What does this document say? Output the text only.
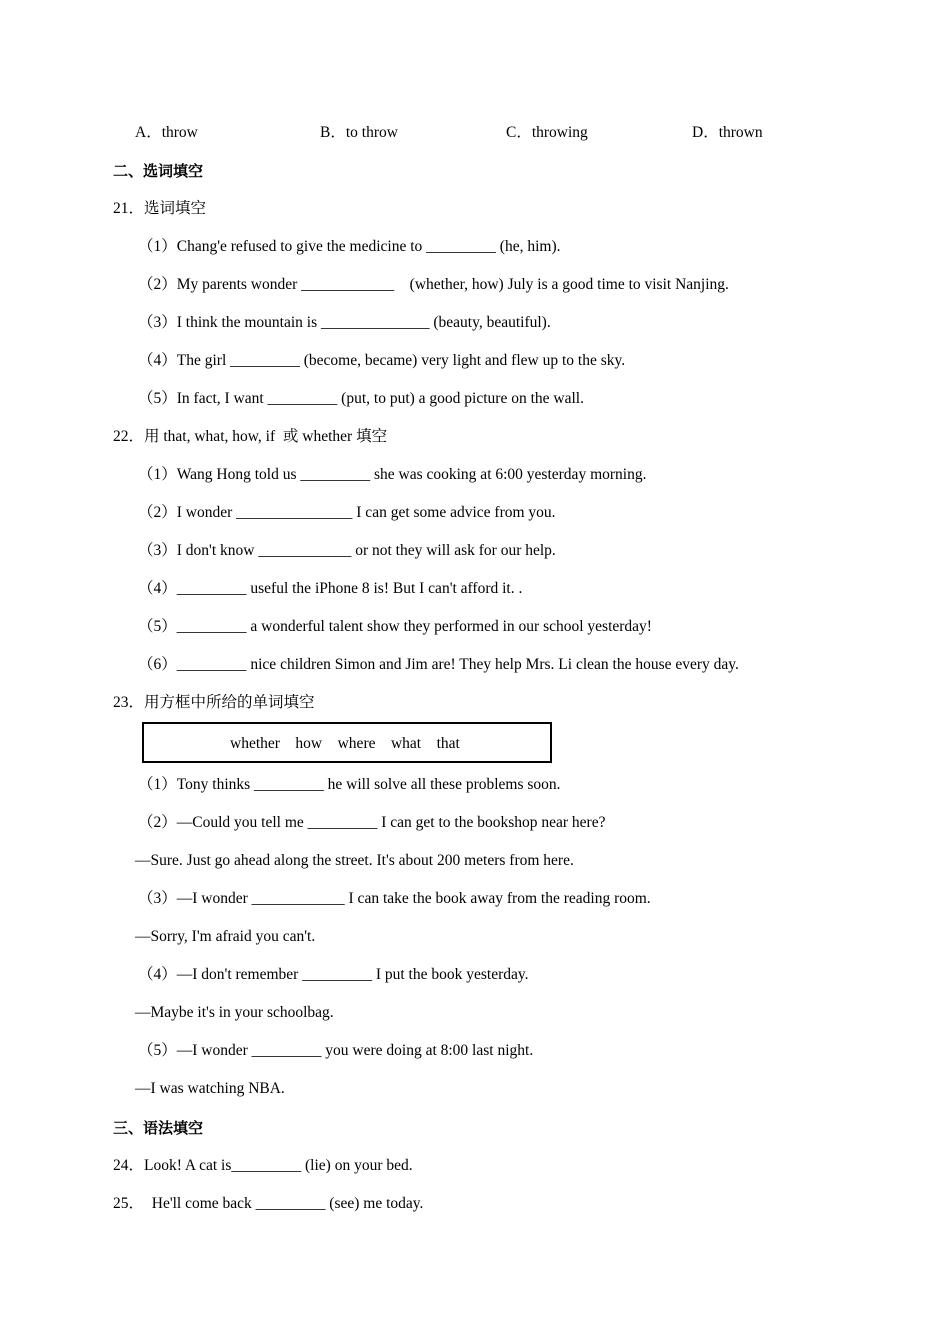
A．throw	B．to throw	C．throwing	D．thrown
二、选词填空
21．选词填空
（1）Chang'e refused to give the medicine to _________ (he, him).
（2）My parents wonder ____________    (whether, how) July is a good time to visit Nanjing.
（3）I think the mountain is ______________ (beauty, beautiful).
（4）The girl _________ (become, became) very light and flew up to the sky.
（5）In fact, I want _________ (put, to put) a good picture on the wall.
22．用 that, what, how, if  或 whether 填空
（1）Wang Hong told us _________ she was cooking at 6:00 yesterday morning.
（2）I wonder _______________ I can get some advice from you.
（3）I don't know ____________ or not they will ask for our help.
（4）_________ useful the iPhone 8 is! But I can't afford it. .
（5）_________ a wonderful talent show they performed in our school yesterday!
（6）_________ nice children Simon and Jim are! They help Mrs. Li clean the house every day.
23．用方框中所给的单词填空
whether    how    where    what    that
（1）Tony thinks _________ he will solve all these problems soon.
（2）—Could you tell me _________ I can get to the bookshop near here?
—Sure. Just go ahead along the street. It's about 200 meters from here.
（3）—I wonder ____________ I can take the book away from the reading room.
—Sorry, I'm afraid you can't.
（4）—I don't remember _________ I put the book yesterday.
—Maybe it's in your schoolbag.
（5）—I wonder _________ you were doing at 8:00 last night.
—I was watching NBA.
三、语法填空
24．Look! A cat is_________ (lie) on your bed.
25．  He'll come back _________ (see) me today.
